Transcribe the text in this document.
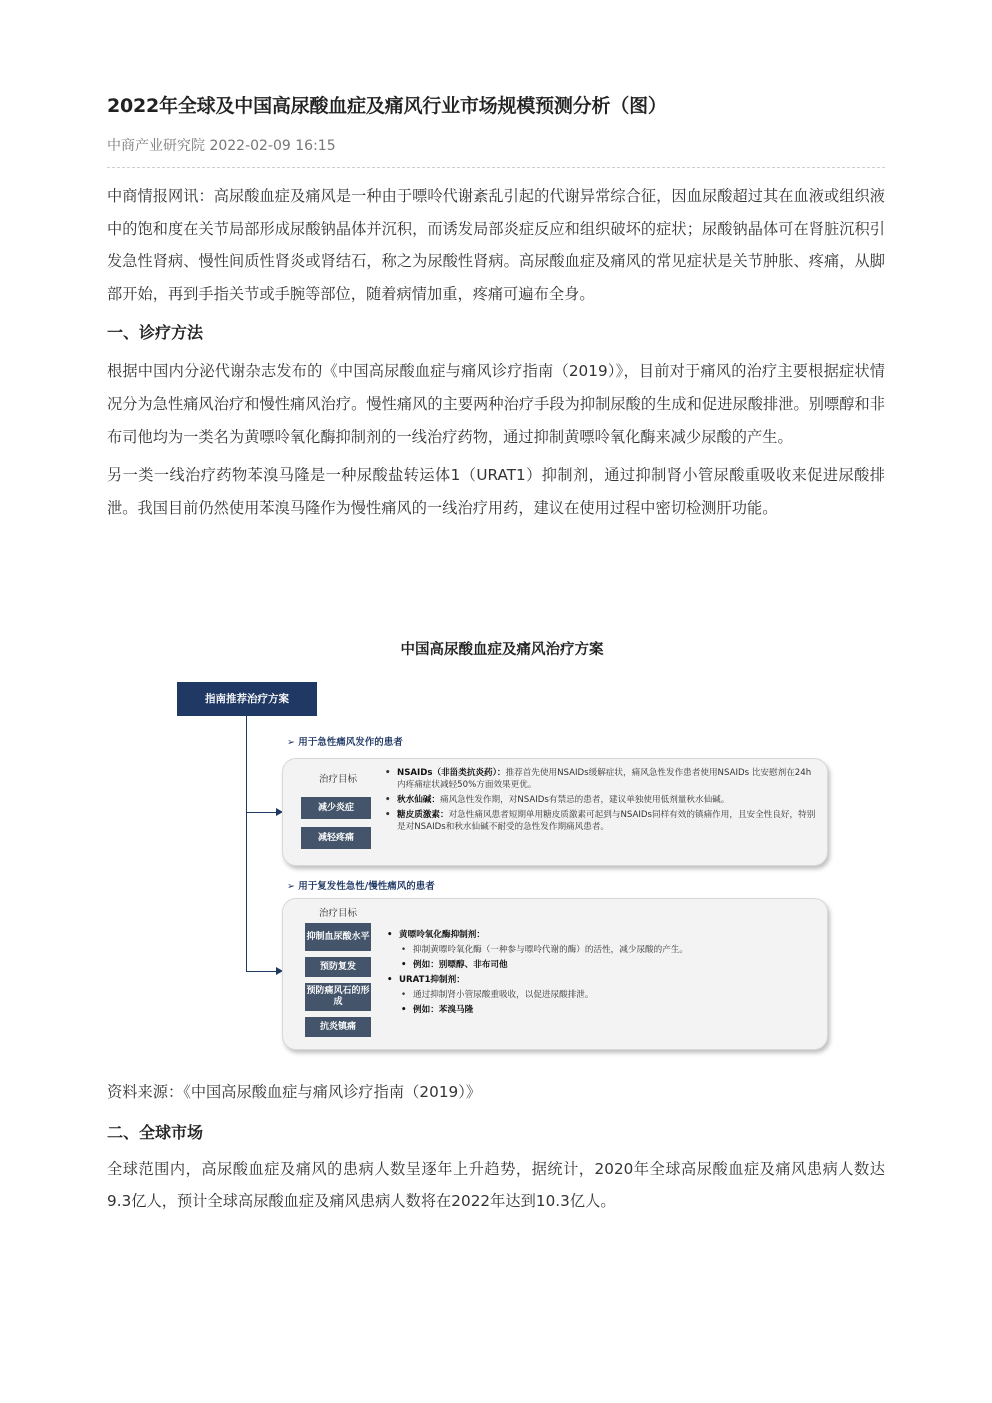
2022年全球及中国高尿酸血症及痛风行业市场规模预测分析（图）
中商产业研究院 2022-02-09 16:15

中商情报网讯：高尿酸血症及痛风是一种由于嘌呤代谢紊乱引起的代谢异常综合征，因血尿酸超过其在血液或组织液中的饱和度在关节局部形成尿酸钠晶体并沉积，而诱发局部炎症反应和组织破坏的症状；尿酸钠晶体可在肾脏沉积引发急性肾病、慢性间质性肾炎或肾结石，称之为尿酸性肾病。高尿酸血症及痛风的常见症状是关节肿胀、疼痛，从脚部开始，再到手指关节或手腕等部位，随着病情加重，疼痛可遍布全身。

一、诊疗方法

根据中国内分泌代谢杂志发布的《中国高尿酸血症与痛风诊疗指南（2019）》，目前对于痛风的治疗主要根据症状情况分为急性痛风治疗和慢性痛风治疗。慢性痛风的主要两种治疗手段为抑制尿酸的生成和促进尿酸排泄。别嘌醇和非布司他均为一类名为黄嘌呤氧化酶抑制剂的一线治疗药物，通过抑制黄嘌呤氧化酶来减少尿酸的产生。

另一类一线治疗药物苯溴马隆是一种尿酸盐转运体1（URAT1）抑制剂，通过抑制肾小管尿酸重吸收来促进尿酸排泄。我国目前仍然使用苯溴马隆作为慢性痛风的一线治疗用药，建议在使用过程中密切检测肝功能。

中国高尿酸血症及痛风治疗方案
指南推荐治疗方案
➢ 用于急性痛风发作的患者
治疗目标
减少炎症
减轻疼痛
• NSAIDs（非甾类抗炎药）：推荐首先使用NSAIDs缓解症状，痛风急性发作患者使用NSAIDs 比安慰剂在24h 内疼痛症状减轻50%方面效果更优。
• 秋水仙碱：痛风急性发作期，对NSAIDs有禁忌的患者，建议单独使用低剂量秋水仙碱。
• 糖皮质激素：对急性痛风患者短期单用糖皮质激素可起到与NSAIDs同样有效的镇痛作用，且安全性良好，特别是对NSAIDs和秋水仙碱不耐受的急性发作期痛风患者。
➢ 用于复发性急性/慢性痛风的患者
治疗目标
抑制血尿酸水平
预防复发
预防痛风石的形成
抗炎镇痛
• 黄嘌呤氧化酶抑制剂：
• 抑制黄嘌呤氧化酶（一种参与嘌呤代谢的酶）的活性，减少尿酸的产生。
• 例如：别嘌醇、非布司他
• URAT1抑制剂：
• 通过抑制肾小管尿酸重吸收，以促进尿酸排泄。
• 例如：苯溴马隆

资料来源：《中国高尿酸血症与痛风诊疗指南（2019）》

二、全球市场

全球范围内，高尿酸血症及痛风的患病人数呈逐年上升趋势，据统计，2020年全球高尿酸血症及痛风患病人数达9.3亿人，预计全球高尿酸血症及痛风患病人数将在2022年达到10.3亿人。
